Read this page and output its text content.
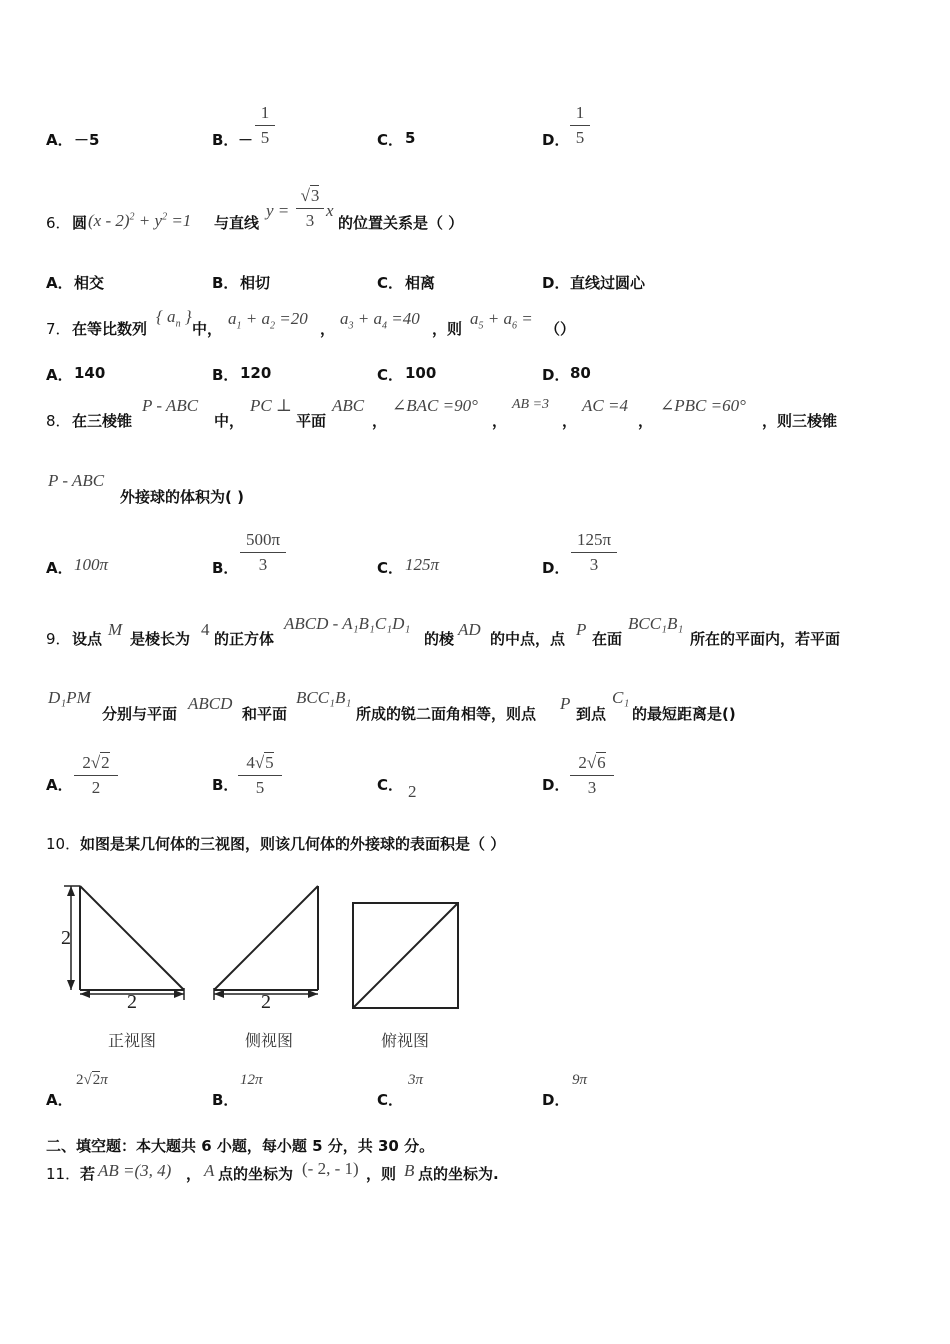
A． －5	B． － $\frac{1}{5}$	C． 5	D． $\frac{1}{5}$
6． 圆 $(x - 2)^2 + y^2 =1$ 与直线
$y = \frac{√3}{3}$ x
的位置关系是（ ）
A． 相交	B． 相切	C． 相离	D． 直线过圆心
7． 在等比数列
{ $a_n$ }
中，
$a_1 + a_2 =20$
，
$a_3 + a_4 =40$
，则
$a_5 + a_6$ =
（）
A． 140	B． 120	C． 100	D． 80
8． 在三棱锥
P - ABC
中，
PC ⊥
平面
ABC
，
∠BAC =90°
，
AB =3
，
AC =4
，
∠PBC =60°
，则三棱锥
P - ABC
外接球的体积为( )
A． 100π	B． $\frac{500\pi}{3}$	C． 125π	D． $\frac{125\pi}{3}$
9． 设点 M 是棱长为 4 的正方体
ABCD - A₁B₁C₁D₁
的棱 AD 的中点，点 P 在面
BCC₁B₁
所在的平面内，若平面
D₁PM
分别与平面
ABCD
和平面
BCC₁B₁
所成的锐二面角相等，则点
P
到点
C₁
的最短距离是()
A． $\frac{2√2}{2}$	B． $\frac{4√5}{5}$	C． 2	D． $\frac{2√6}{3}$
10． 如图是某几何体的三视图，则该几何体的外接球的表面积是（ ）
2
2	2
正视图	侧视图	俯视图
A．
2√2π
B．
12π
C．
3π
D．
9π
二、填空题：本大题共 6 小题，每小题 5 分，共 30 分。
11． 若 AB =(3, 4) ， A 点的坐标为 (- 2, - 1) ，则 B 点的坐标为.
